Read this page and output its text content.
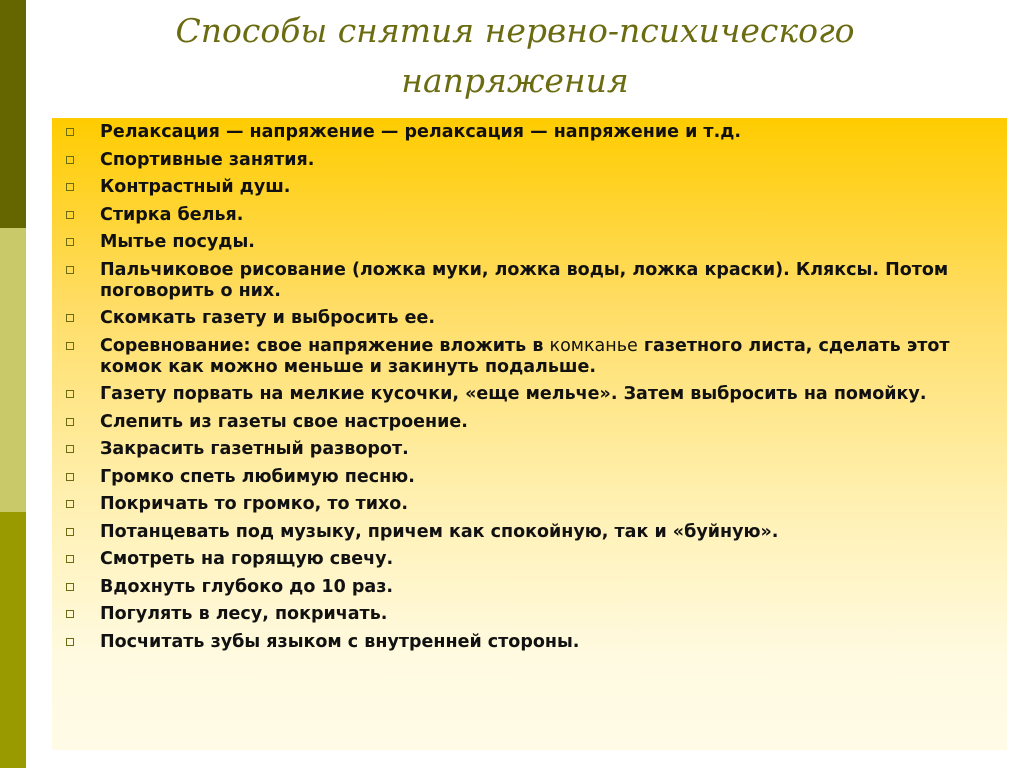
Способы снятия нервно-психического
напряжения
Релаксация — напряжение — релаксация — напряжение и т.д.
Спортивные занятия.
Контрастный душ.
Стирка белья.
Мытье посуды.
Пальчиковое рисование (ложка муки, ложка воды, ложка краски). Кляксы. Потом поговорить о них.
Скомкать газету и выбросить ее.
Соревнование: свое напряжение вложить в комканье газетного листа, сделать этот комок как можно меньше и закинуть подальше.
Газету порвать на мелкие кусочки, «еще мельче». Затем выбросить на помойку.
Слепить из газеты свое настроение.
Закрасить газетный разворот.
Громко спеть любимую песню.
Покричать то громко, то тихо.
Потанцевать под музыку, причем как спокойную, так и «буйную».
Смотреть на горящую свечу.
Вдохнуть глубоко до 10 раз.
Погулять в лесу, покричать.
Посчитать зубы языком с внутренней стороны.
